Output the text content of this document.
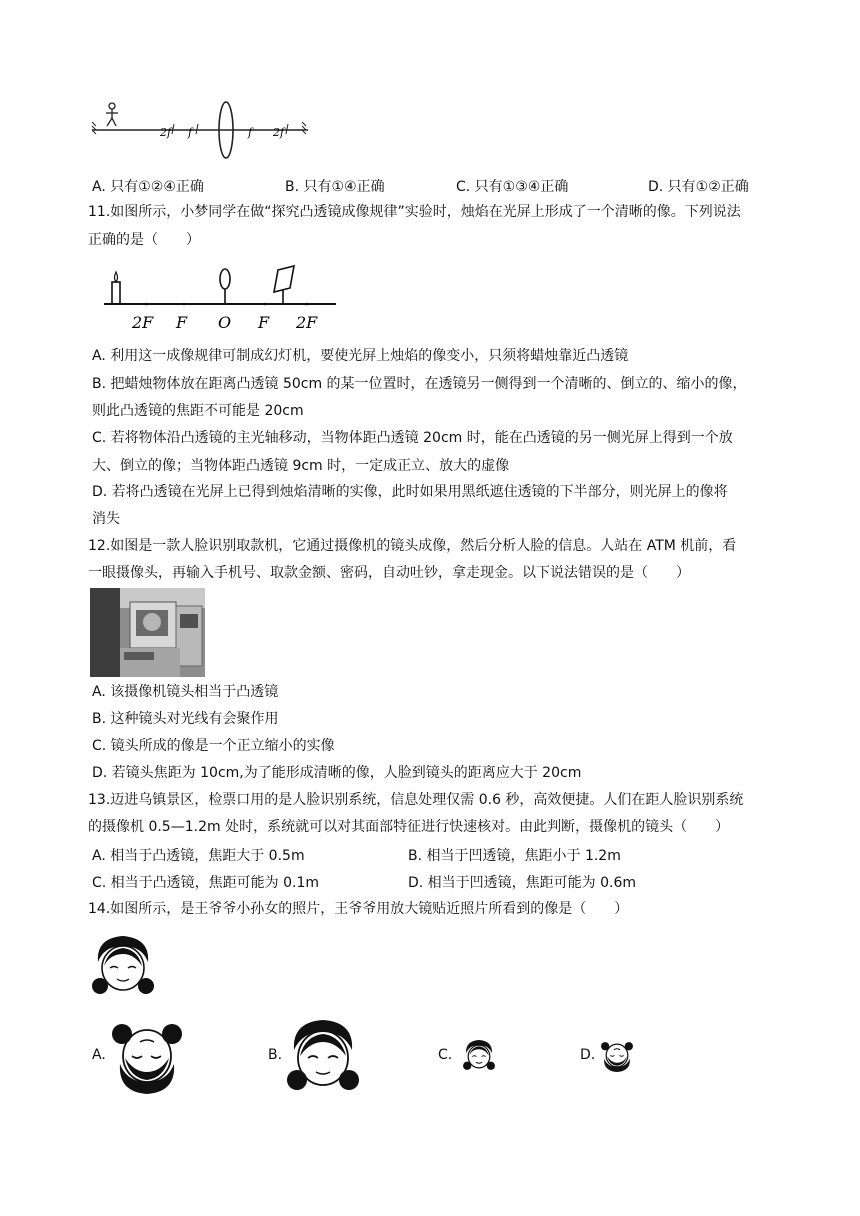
2f f	f 2f
A. 只有①②④正确	B. 只有①④正确	C. 只有①③④正确	D. 只有①②正确
11.如图所示，小梦同学在做“探究凸透镜成像规律”实验时，烛焰在光屏上形成了一个清晰的像。下列说法
正确的是（　　）
2F F O F 2F
A. 利用这一成像规律可制成幻灯机，要使光屏上烛焰的像变小，只须将蜡烛靠近凸透镜
B. 把蜡烛物体放在距离凸透镜 50cm 的某一位置时，在透镜另一侧得到一个清晰的、倒立的、缩小的像，
则此凸透镜的焦距不可能是 20cm
C. 若将物体沿凸透镜的主光轴移动，当物体距凸透镜 20cm 时，能在凸透镜的另一侧光屏上得到一个放
大、倒立的像；当物体距凸透镜 9cm 时，一定成正立、放大的虚像
D. 若将凸透镜在光屏上已得到烛焰清晰的实像，此时如果用黑纸遮住透镜的下半部分，则光屏上的像将
消失
12.如图是一款人脸识别取款机，它通过摄像机的镜头成像，然后分析人脸的信息。人站在 ATM 机前，看
一眼摄像头，再输入手机号、取款金额、密码，自动吐钞，拿走现金。以下说法错误的是（　　）
A. 该摄像机镜头相当于凸透镜
B. 这种镜头对光线有会聚作用
C. 镜头所成的像是一个正立缩小的实像
D. 若镜头焦距为 10cm,为了能形成清晰的像，人脸到镜头的距离应大于 20cm
13.迈进乌镇景区，检票口用的是人脸识别系统，信息处理仅需 0.6 秒，高效便捷。人们在距人脸识别系统
的摄像机 0.5—1.2m 处时，系统就可以对其面部特征进行快速核对。由此判断，摄像机的镜头（　　）
A. 相当于凸透镜，焦距大于 0.5m	B. 相当于凹透镜，焦距小于 1.2m
C. 相当于凸透镜，焦距可能为 0.1m	D. 相当于凹透镜，焦距可能为 0.6m
14.如图所示，是王爷爷小孙女的照片，王爷爷用放大镜贴近照片所看到的像是（　　）
A.	B.	C.	D.
